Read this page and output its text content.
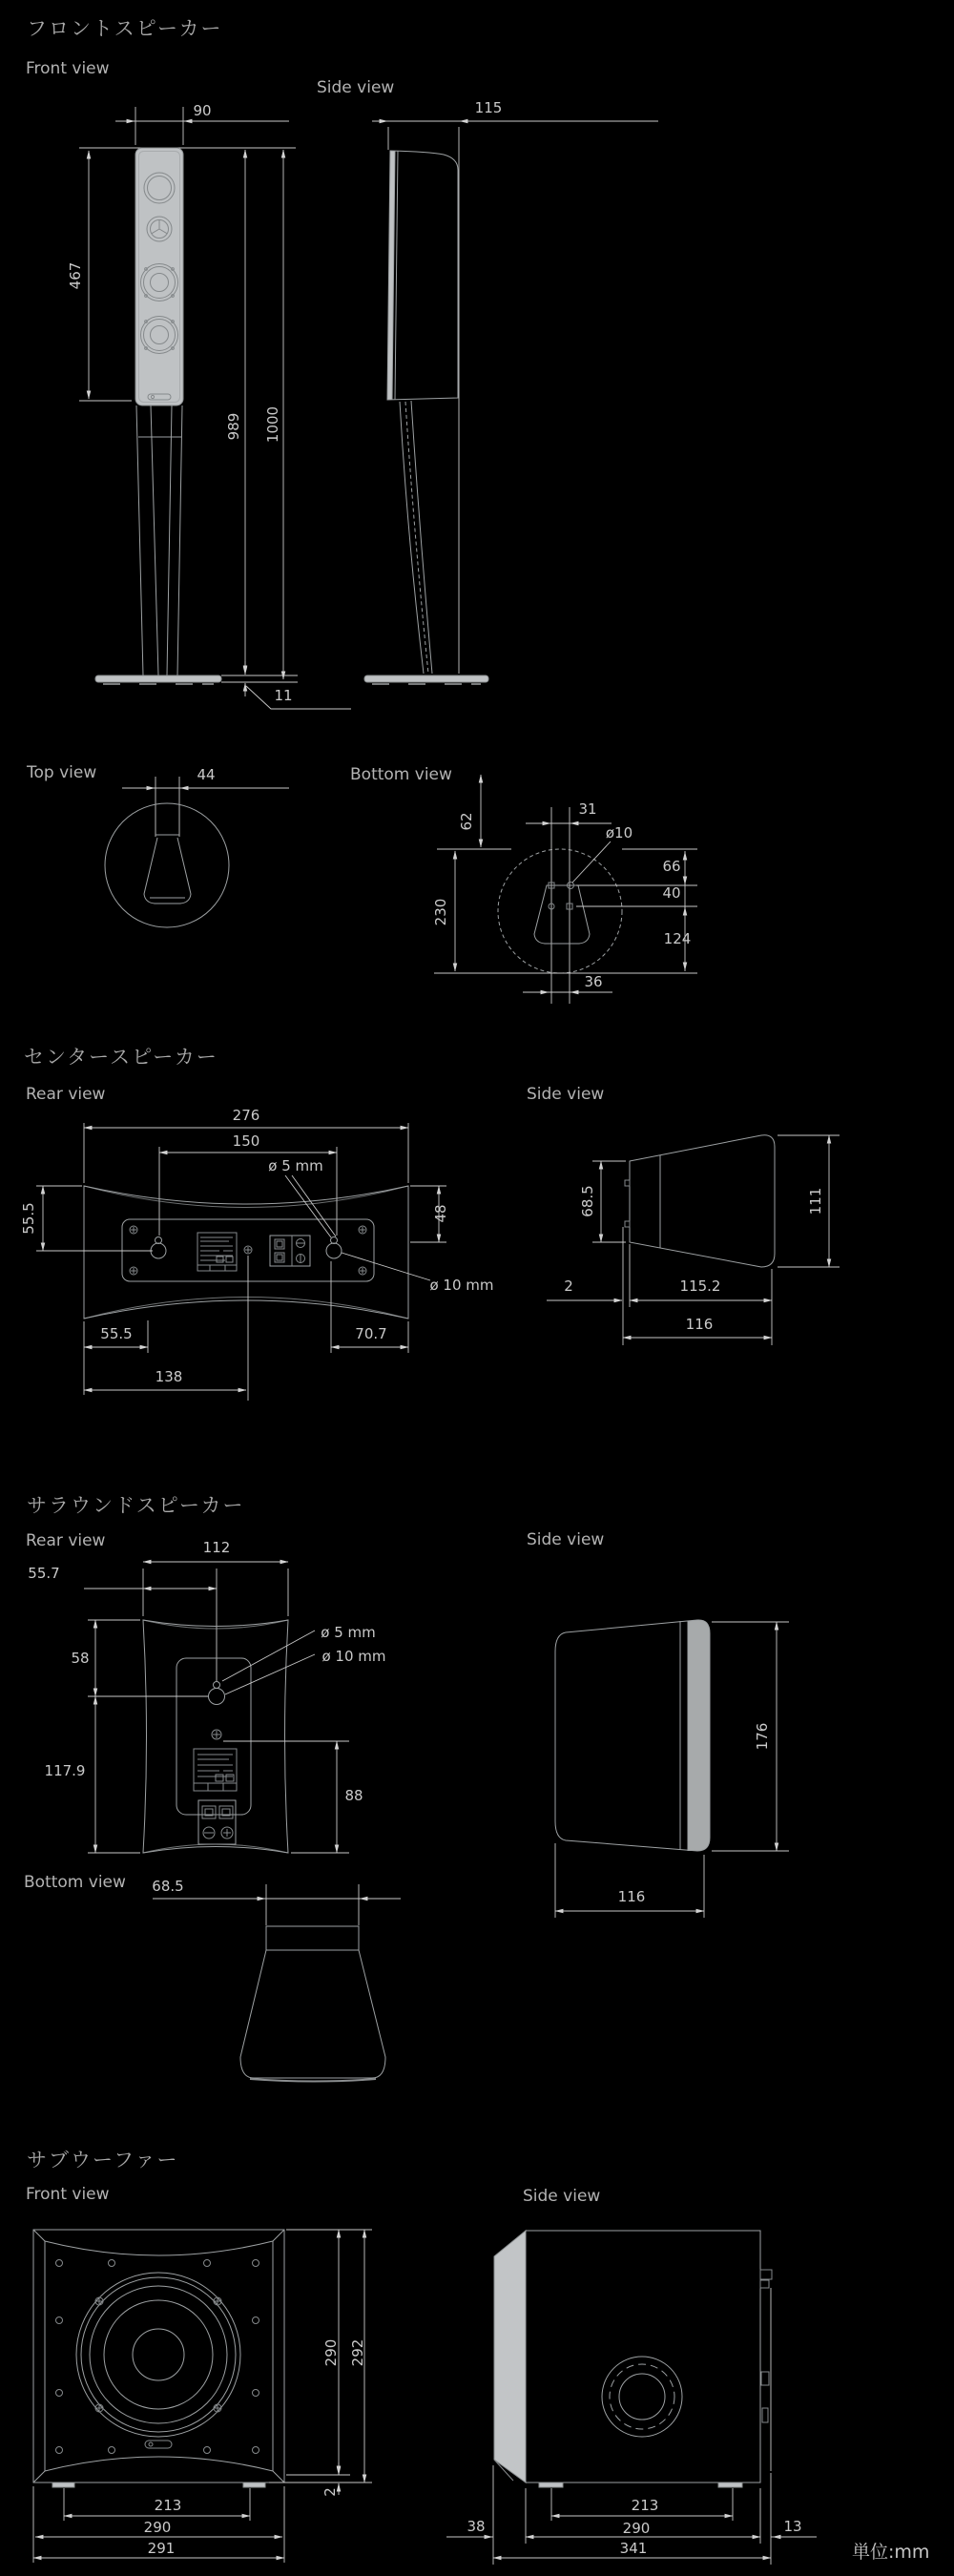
フロントスピーカー
Front view
Side view
Top view	Bottom view
センタースピーカー
Rear view	Side view
サラウンドスピーカー
Rear view	Side view
Bottom view
サブウーファー
Front view	Side view
90
467
989 1000
11
115
44
31
ø10
62
230
66
40
124
36
276
150
ø 5 mm
55.5	48
ø 10 mm
55.5	70.7
138
68.5	111
2	115.2
116
112
55.7
58
117.9
ø 5 mm
ø 10 mm
88
176
116
68.5
290 292
2
213
290
291
213
290
341
38	13
単位:mm
